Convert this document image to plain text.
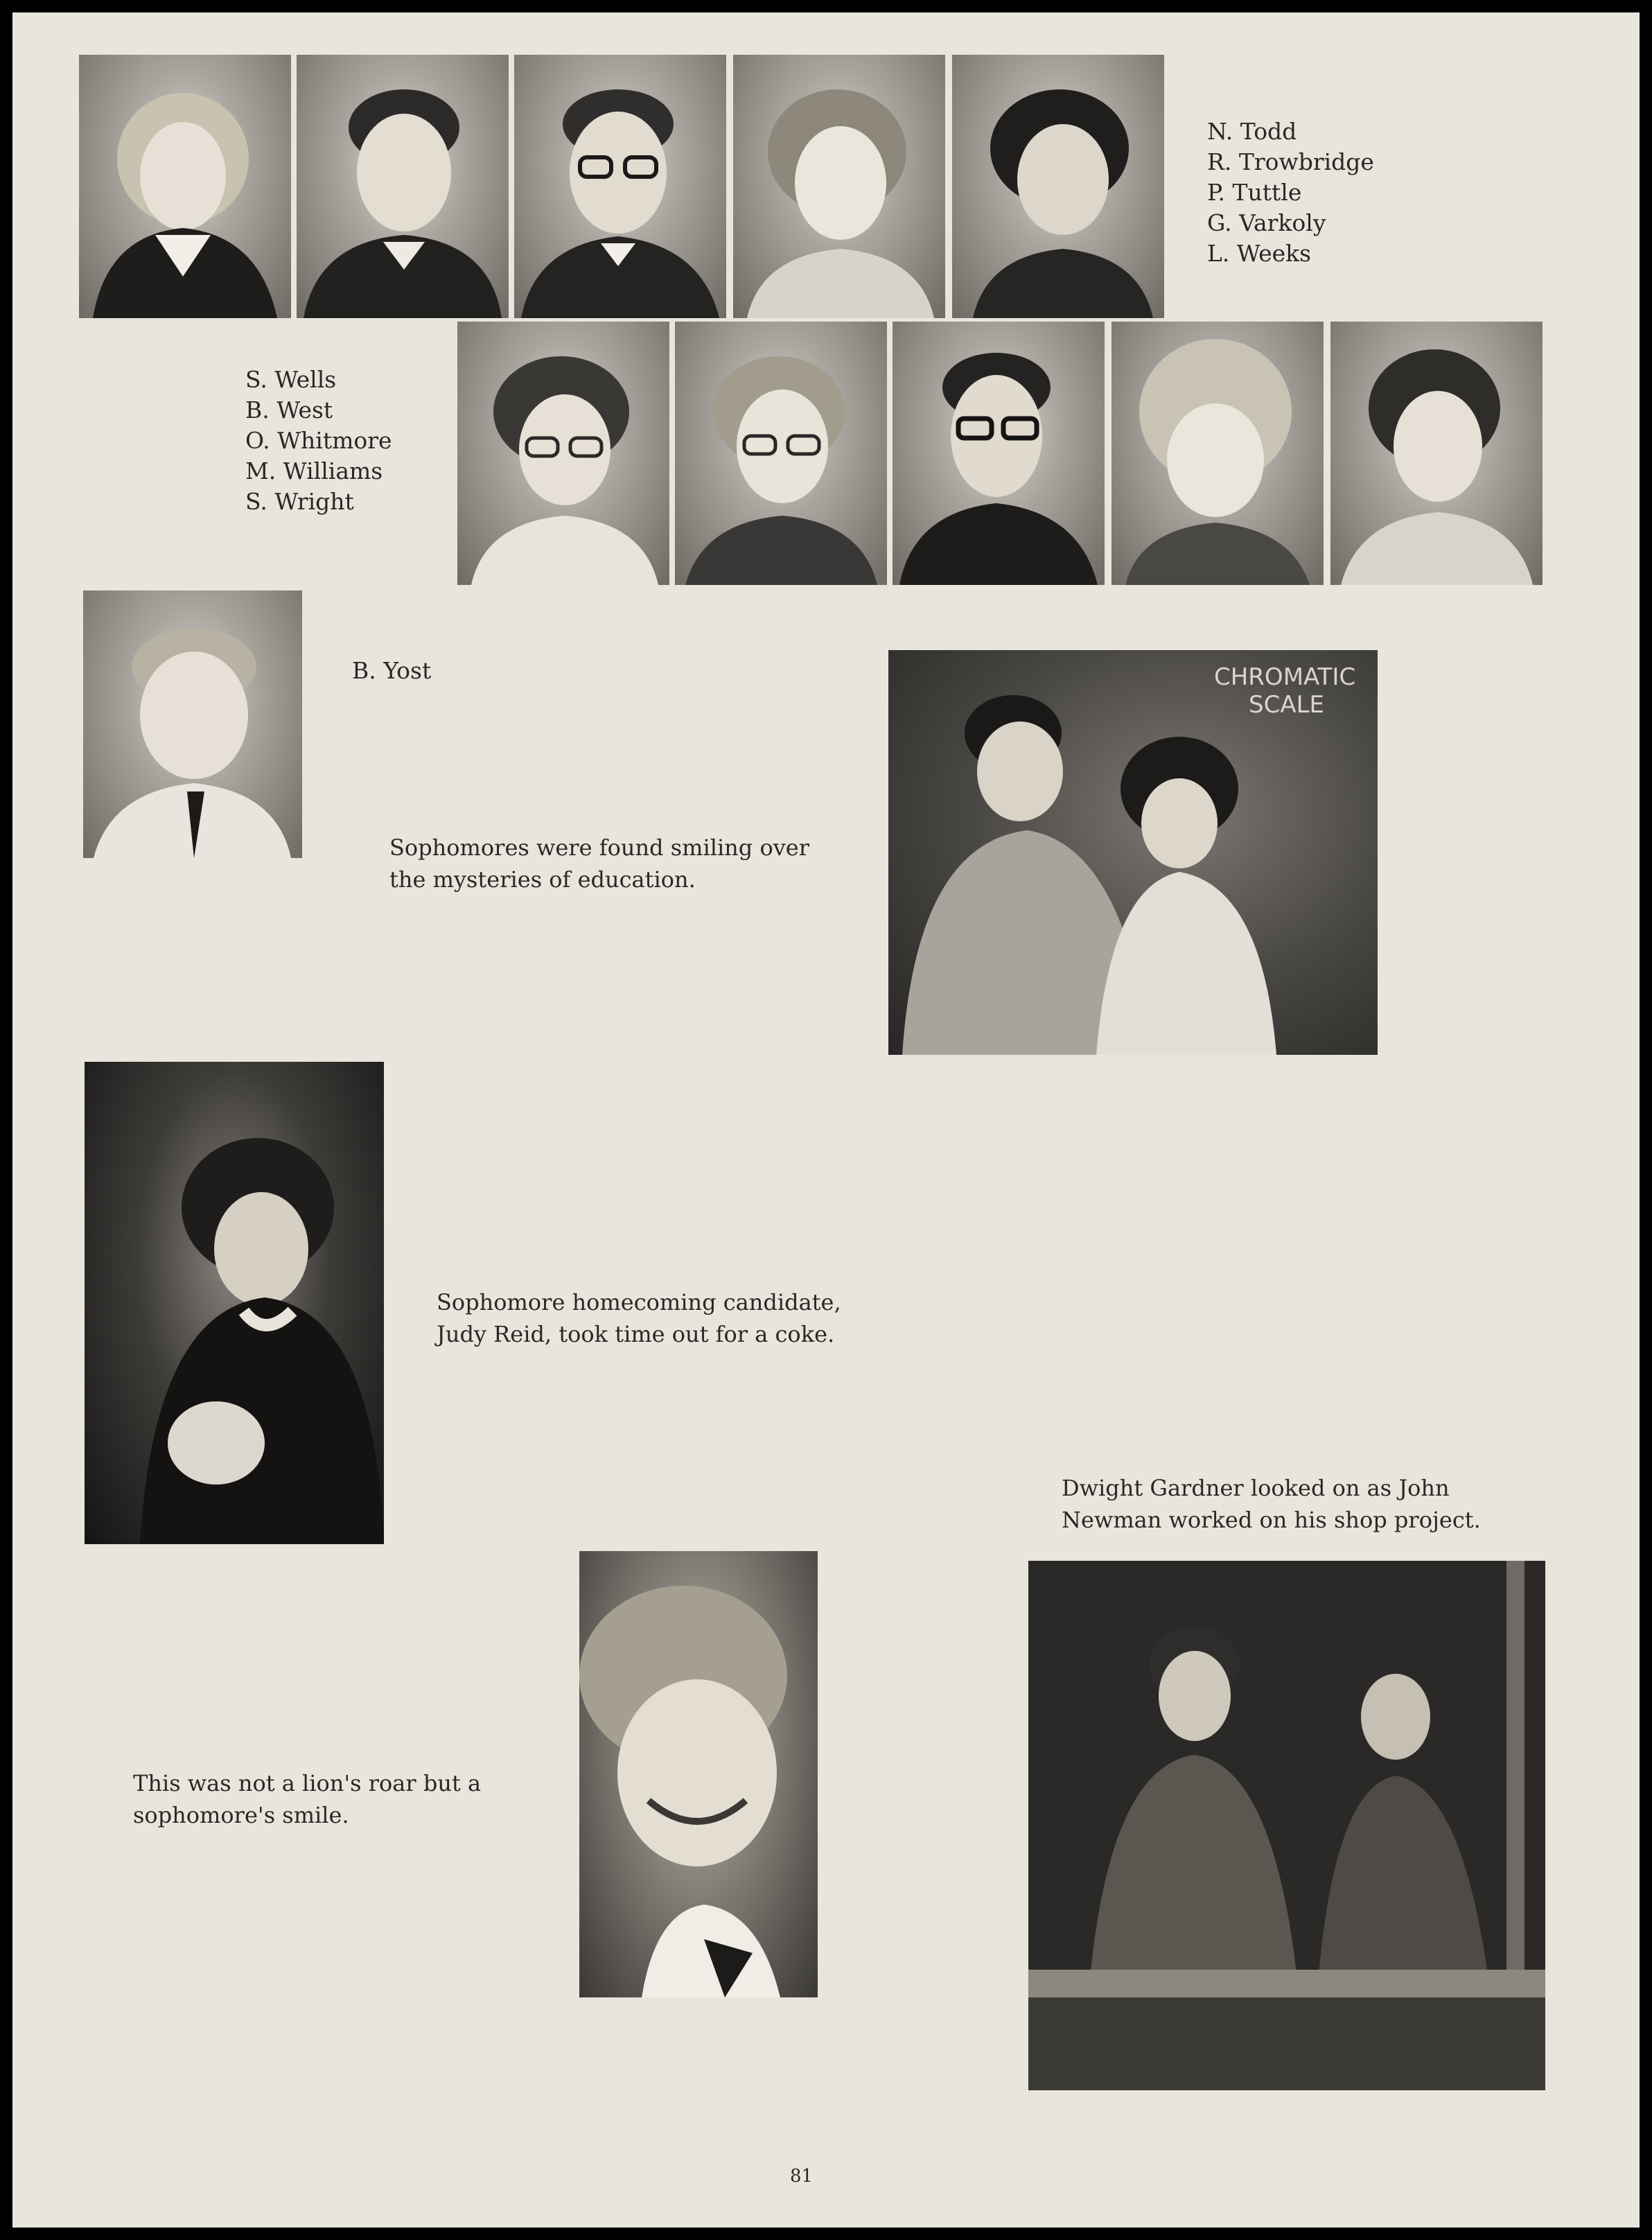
N. Todd
R. Trowbridge
P. Tuttle
G. Varkoly
L. Weeks
S. Wells
B. West
O. Whitmore
M. Williams
S. Wright
B. Yost
Sophomores were found smiling over
the mysteries of education.
CHROMATIC
SCALE
Sophomore homecoming candidate,
Judy Reid, took time out for a coke.
Dwight Gardner looked on as John
Newman worked on his shop project.
This was not a lion's roar but a
sophomore's smile.
81
